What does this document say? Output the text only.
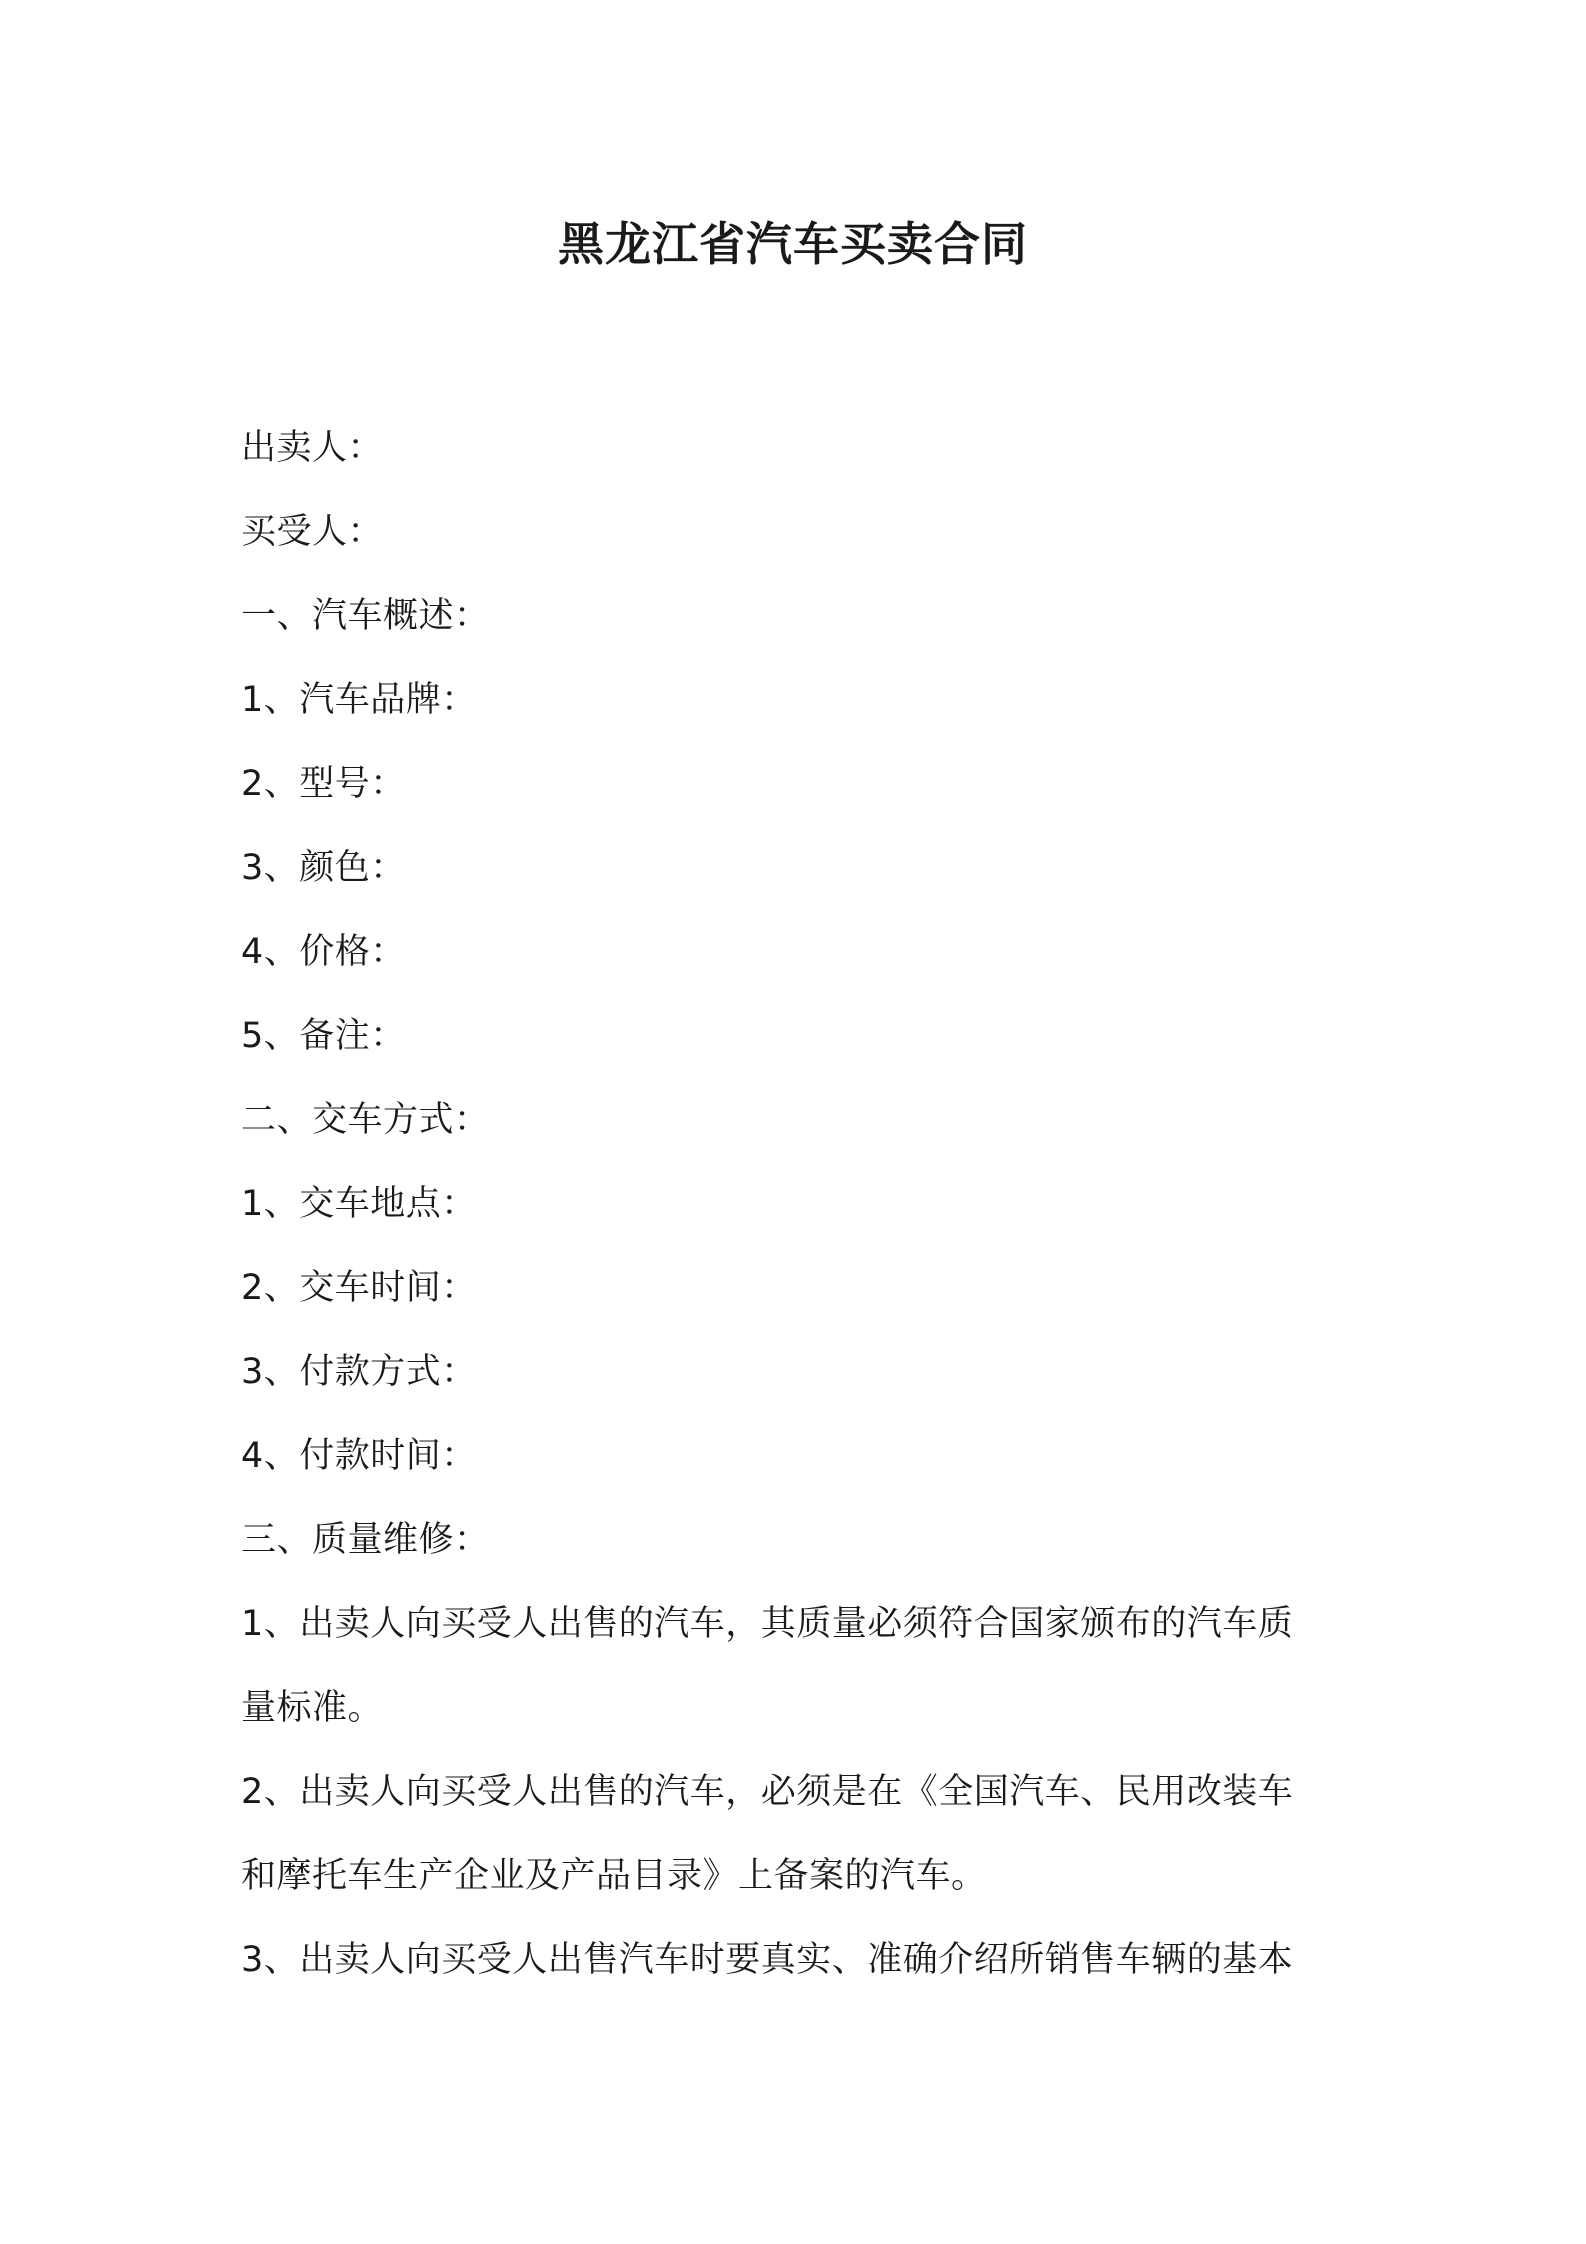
黑龙江省汽车买卖合同
出卖人：
买受人：
一、汽车概述：
1、汽车品牌：
2、型号：
3、颜色：
4、价格：
5、备注：
二、交车方式：
1、交车地点：
2、交车时间：
3、付款方式：
4、付款时间：
三、质量维修：
1、出卖人向买受人出售的汽车，其质量必须符合国家颁布的汽车质
量标准。
2、出卖人向买受人出售的汽车，必须是在《全国汽车、民用改装车
和摩托车生产企业及产品目录》上备案的汽车。
3、出卖人向买受人出售汽车时要真实、准确介绍所销售车辆的基本
